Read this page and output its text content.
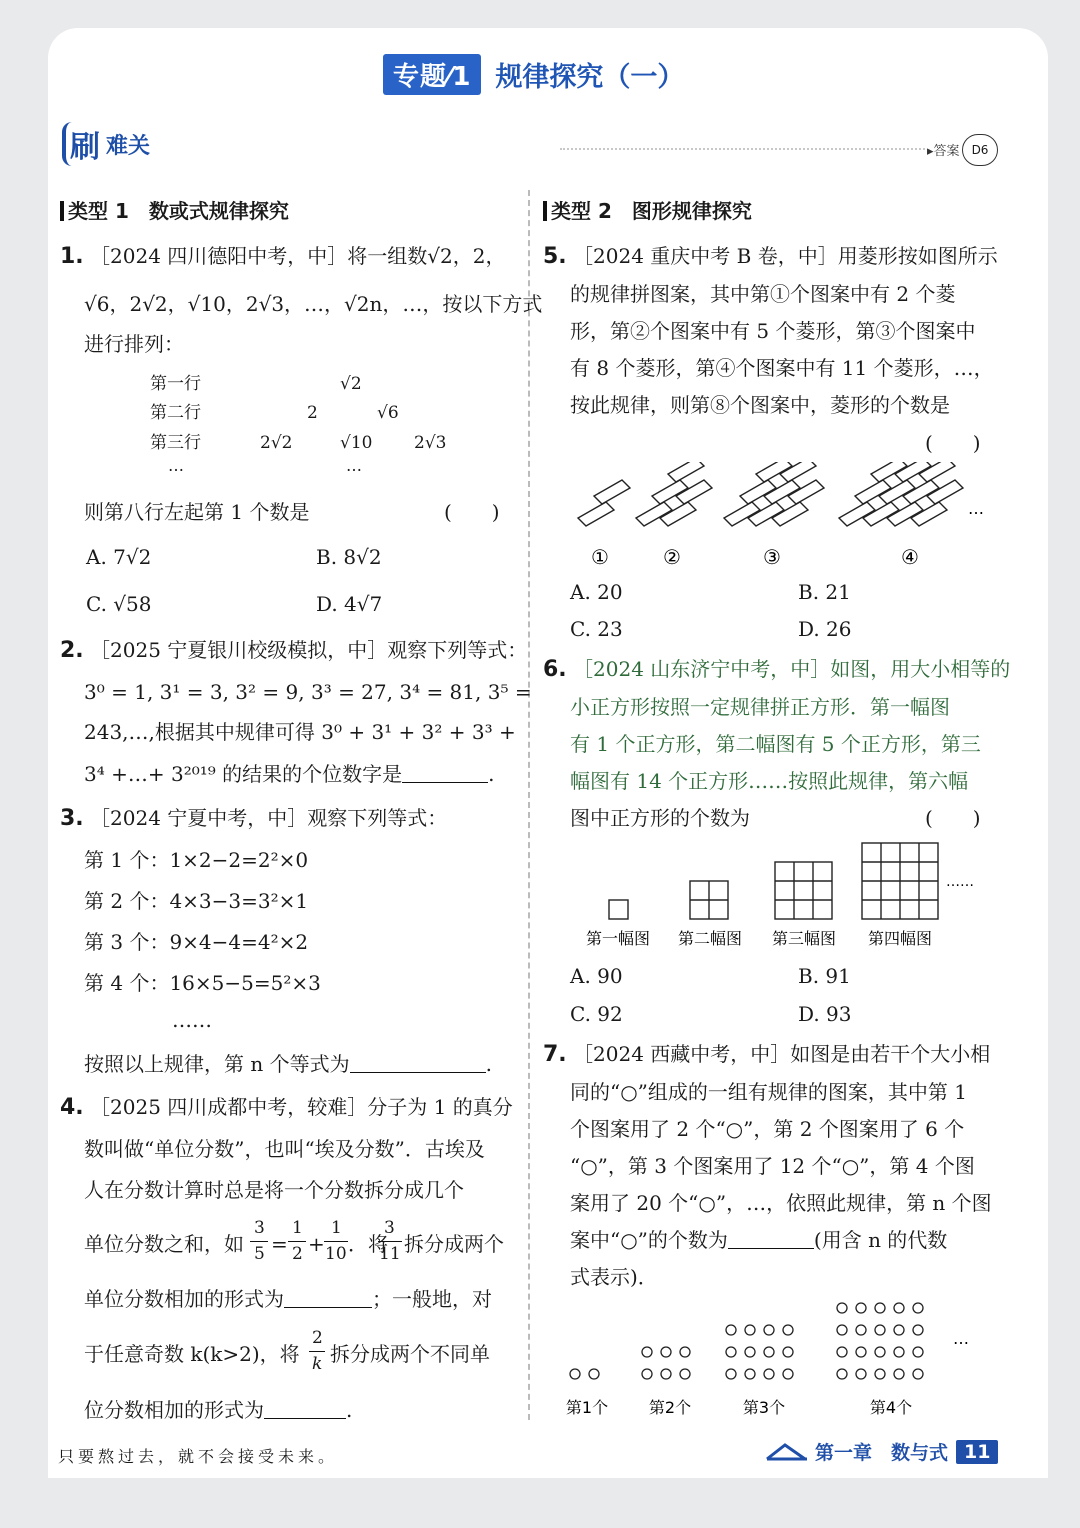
专题⁄1 规律探究（一）
刷 难关	▸答案	D6
类型 1　数或式规律探究
1. ［2024 四川德阳中考，中］将一组数√2，2，
√6，2√2，√10，2√3，…，√2n，…，按以下方式
进行排列：
第一行	√2
第二行	2	√6
第三行	2√2	√10 2√3
…	…
则第八行左起第 1 个数是	(　　)
A. 7√2	B. 8√2
C. √58	D. 4√7
2. ［2025 宁夏银川校级模拟，中］观察下列等式：
3⁰ = 1, 3¹ = 3, 3² = 9, 3³ = 27, 3⁴ = 81, 3⁵ =
243,…,根据其中规律可得 3⁰ + 3¹ + 3² + 3³ +
3⁴ +…+ 3²⁰¹⁹ 的结果的个位数字是	.
3. ［2024 宁夏中考，中］观察下列等式：
第 1 个：1×2−2=2²×0
第 2 个：4×3−3=3²×1
第 3 个：9×4−4=4²×2
第 4 个：16×5−5=5²×3
……
按照以上规律，第 n 个等式为	.
4. ［2025 四川成都中考，较难］分子为 1 的真分
数叫做“单位分数”，也叫“埃及分数”．古埃及
人在分数计算时总是将一个分数拆分成几个
单位分数之和，如
3
5 =
1
2 +
1
10 ．将
3
11 拆分成两个
单位分数相加的形式为	；一般地，对
于任意奇数 k(k>2)，将
2
k 拆分成两个不同单
位分数相加的形式为	.
类型 2　图形规律探究
5. ［2024 重庆中考 B 卷，中］用菱形按如图所示
的规律拼图案，其中第①个图案中有 2 个菱
形，第②个图案中有 5 个菱形，第③个图案中
有 8 个菱形，第④个图案中有 11 个菱形，…，
按此规律，则第⑧个图案中，菱形的个数是
(　　)
①	②	③	④
…
A. 20	B. 21
C. 23	D. 26
6. ［2024 山东济宁中考，中］如图，用大小相等的
小正方形按照一定规律拼正方形．第一幅图
有 1 个正方形，第二幅图有 5 个正方形，第三
幅图有 14 个正方形……按照此规律，第六幅
图中正方形的个数为	(　　)
……
第一幅图 第二幅图 第三幅图 第四幅图
A. 90	B. 91
C. 92	D. 93
7. ［2024 西藏中考，中］如图是由若干个大小相
同的“○”组成的一组有规律的图案，其中第 1
个图案用了 2 个“○”，第 2 个图案用了 6 个
“○”，第 3 个图案用了 12 个“○”，第 4 个图
案用了 20 个“○”，…，依照此规律，第 n 个图
案中“○”的个数为	(用含 n 的代数
式表示)．
…
第1个	第2个	第3个	第4个
只要熬过去，就不会接受未来。	第一章　数与式 11
